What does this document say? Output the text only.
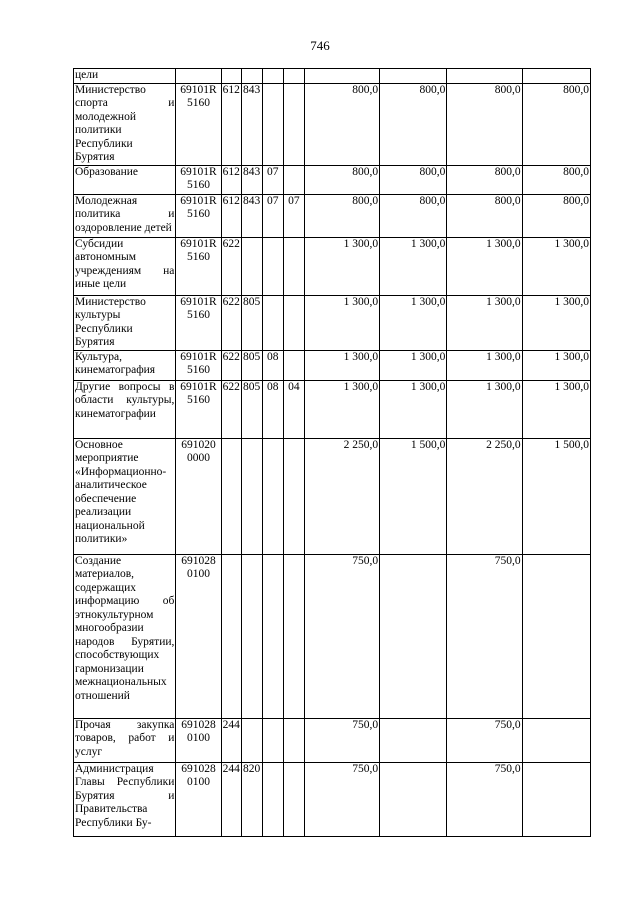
746
цели									
Министерство спорта и молодежной политики Республики Бурятия	69101R 5160	612	843			800,0	800,0	800,0	800,0
Образование	69101R 5160	612	843	07		800,0	800,0	800,0	800,0
Молодежная политика и оздоровление детей	69101R 5160	612	843	07	07	800,0	800,0	800,0	800,0
Субсидии автономным учреждениям на иные цели	69101R 5160	622				1 300,0	1 300,0	1 300,0	1 300,0
Министерство культуры Республики Бурятия	69101R 5160	622	805			1 300,0	1 300,0	1 300,0	1 300,0
Культура, кинематография	69101R 5160	622	805	08		1 300,0	1 300,0	1 300,0	1 300,0
Другие вопросы в области культуры, кинематографии	69101R 5160	622	805	08	04	1 300,0	1 300,0	1 300,0	1 300,0
Основное мероприятие «Информационно-аналитическое обеспечение реализации национальной политики»	691020 0000					2 250,0	1 500,0	2 250,0	1 500,0
Создание материалов, содержащих информацию об этнокультурном многообразии народов Бурятии, способствующих гармонизации межнациональных отношений	691028 0100					750,0		750,0	
Прочая закупка товаров, работ и услуг	691028 0100	244				750,0		750,0	
Администрация Главы Республики Бурятия и Правительства Республики Бу-	691028 0100	244	820			750,0		750,0	
